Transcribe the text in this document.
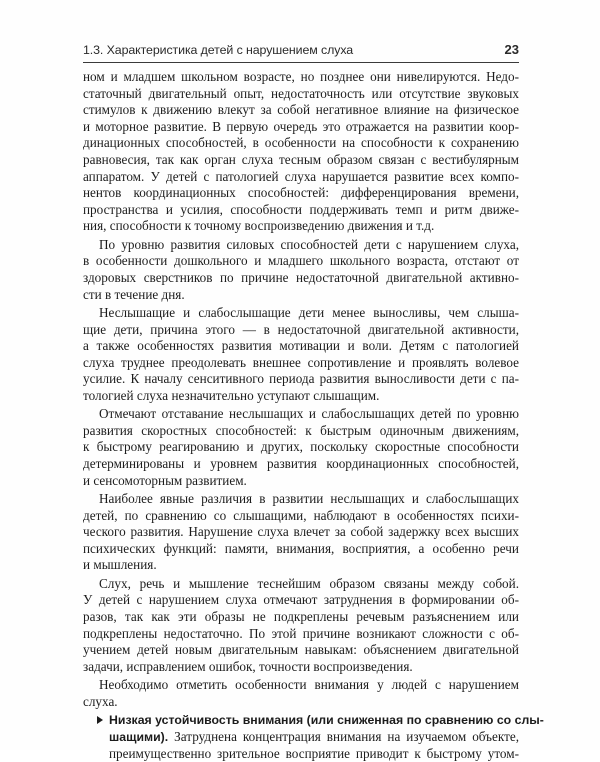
1.3. Характеристика детей с нарушением слуха	23
ном и младшем школьном возрасте, но позднее они нивелируются. Недо-
статочный двигательный опыт, недостаточность или отсутствие звуковых
стимулов к движению влекут за собой негативное влияние на физическое
и моторное развитие. В первую очередь это отражается на развитии коор-
динационных способностей, в особенности на способности к сохранению
равновесия, так как орган слуха тесным образом связан с вестибулярным
аппаратом. У детей с патологией слуха нарушается развитие всех компо-
нентов координационных способностей: дифференцирования времени,
пространства и усилия, способности поддерживать темп и ритм движе-
ния, способности к точному воспроизведению движения и т.д.
По уровню развития силовых способностей дети с нарушением слуха,
в особенности дошкольного и младшего школьного возраста, отстают от
здоровых сверстников по причине недостаточной двигательной активно-
сти в течение дня.
Неслышащие и слабослышащие дети менее выносливы, чем слыша-
щие дети, причина этого — в недостаточной двигательной активности,
а также особенностях развития мотивации и воли. Детям с патологией
слуха труднее преодолевать внешнее сопротивление и проявлять волевое
усилие. К началу сенситивного периода развития выносливости дети с па-
тологией слуха незначительно уступают слышащим.
Отмечают отставание неслышащих и слабослышащих детей по уровню
развития скоростных способностей: к быстрым одиночным движениям,
к быстрому реагированию и других, поскольку скоростные способности
детерминированы и уровнем развития координационных способностей,
и сенсомоторным развитием.
Наиболее явные различия в развитии неслышащих и слабослышащих
детей, по сравнению со слышащими, наблюдают в особенностях психи-
ческого развития. Нарушение слуха влечет за собой задержку всех высших
психических функций: памяти, внимания, восприятия, а особенно речи
и мышления.
Слух, речь и мышление теснейшим образом связаны между собой.
У детей с нарушением слуха отмечают затруднения в формировании об-
разов, так как эти образы не подкреплены речевым разъяснением или
подкреплены недостаточно. По этой причине возникают сложности с об-
учением детей новым двигательным навыкам: объяснением двигательной
задачи, исправлением ошибок, точности воспроизведения.
Необходимо отметить особенности внимания у людей с нарушением
слуха.
Низкая устойчивость внимания (или сниженная по сравнению со слы-
шащими). Затруднена концентрация внимания на изучаемом объекте,
преимущественно зрительное восприятие приводит к быстрому утом-
